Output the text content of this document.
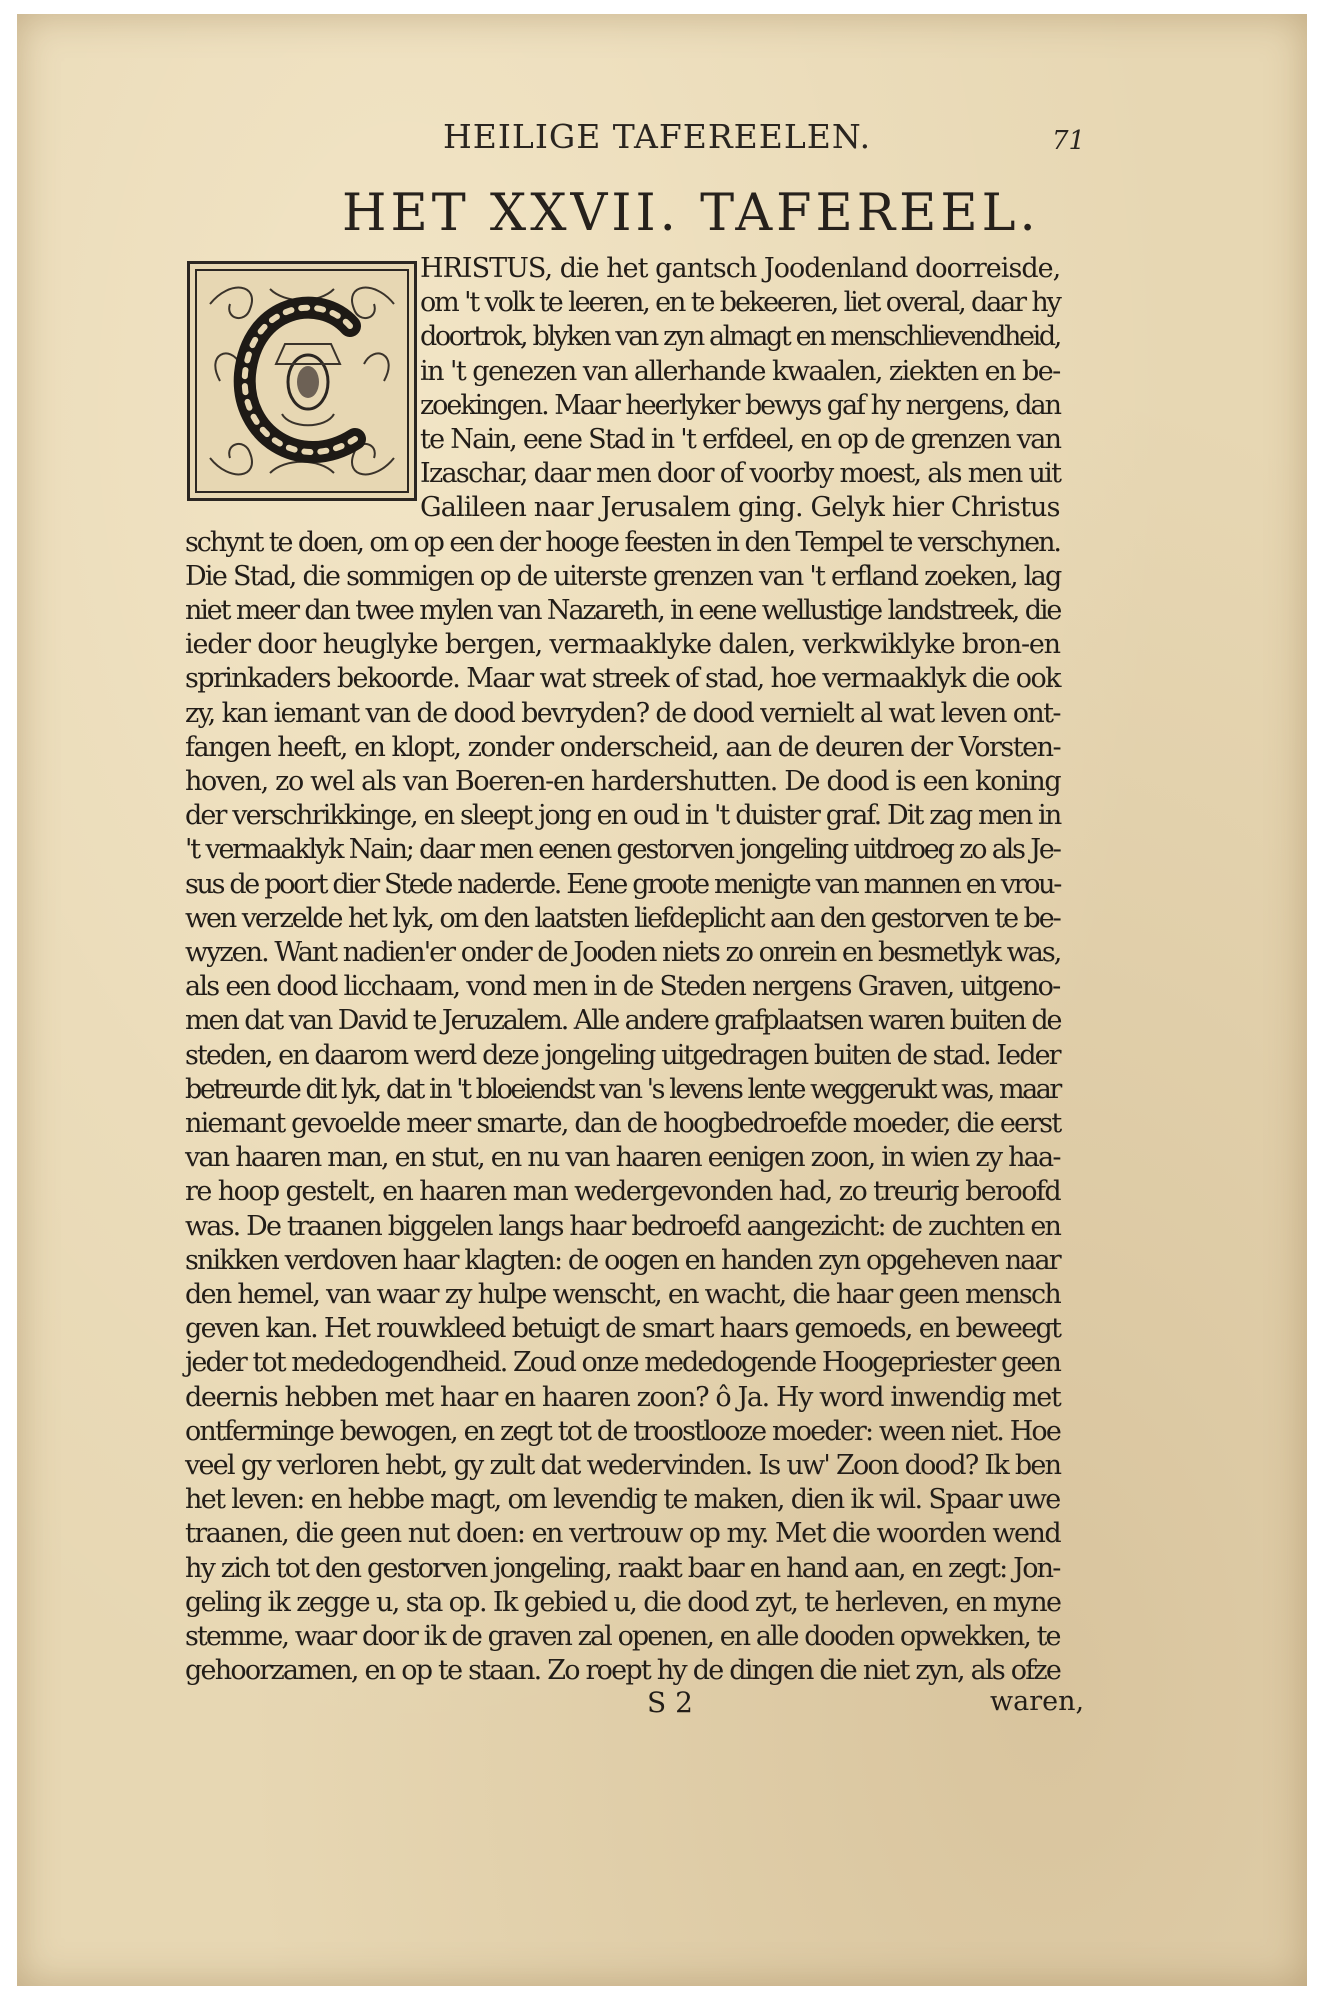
HEILIGE TAFEREELEN.	71
HET XXVII. TAFEREEL.
HRISTUS, die het gantsch Joodenland doorreisde,
om 't volk te leeren, en te bekeeren, liet overal, daar hy
doortrok, blyken van zyn almagt en menschlievendheid,
in 't genezen van allerhande kwaalen, ziekten en be-
zoekingen. Maar heerlyker bewys gaf hy nergens, dan
te Nain, eene Stad in 't erfdeel, en op de grenzen van
Izaschar, daar men door of voorby moest, als men uit
Galileen naar Jerusalem ging. Gelyk hier Christus
schynt te doen, om op een der hooge feesten in den Tempel te verschynen.
Die Stad, die sommigen op de uiterste grenzen van 't erfland zoeken, lag
niet meer dan twee mylen van Nazareth, in eene wellustige landstreek, die
ieder door heuglyke bergen, vermaaklyke dalen, verkwiklyke bron-en
sprinkaders bekoorde. Maar wat streek of stad, hoe vermaaklyk die ook
zy, kan iemant van de dood bevryden? de dood vernielt al wat leven ont-
fangen heeft, en klopt, zonder onderscheid, aan de deuren der Vorsten-
hoven, zo wel als van Boeren-en hardershutten. De dood is een koning
der verschrikkinge, en sleept jong en oud in 't duister graf. Dit zag men in
't vermaaklyk Nain; daar men eenen gestorven jongeling uitdroeg zo als Je-
sus de poort dier Stede naderde. Eene groote menigte van mannen en vrou-
wen verzelde het lyk, om den laatsten liefdeplicht aan den gestorven te be-
wyzen. Want nadien'er onder de Jooden niets zo onrein en besmetlyk was,
als een dood licchaam, vond men in de Steden nergens Graven, uitgeno-
men dat van David te Jeruzalem. Alle andere grafplaatsen waren buiten de
steden, en daarom werd deze jongeling uitgedragen buiten de stad. Ieder
betreurde dit lyk, dat in 't bloeiendst van 's levens lente weggerukt was, maar
niemant gevoelde meer smarte, dan de hoogbedroefde moeder, die eerst
van haaren man, en stut, en nu van haaren eenigen zoon, in wien zy haa-
re hoop gestelt, en haaren man wedergevonden had, zo treurig beroofd
was. De traanen biggelen langs haar bedroefd aangezicht: de zuchten en
snikken verdoven haar klagten: de oogen en handen zyn opgeheven naar
den hemel, van waar zy hulpe wenscht, en wacht, die haar geen mensch
geven kan. Het rouwkleed betuigt de smart haars gemoeds, en beweegt
jeder tot mededogendheid. Zoud onze mededogende Hoogepriester geen
deernis hebben met haar en haaren zoon? ô Ja. Hy word inwendig met
ontferminge bewogen, en zegt tot de troostlooze moeder: ween niet. Hoe
veel gy verloren hebt, gy zult dat wedervinden. Is uw' Zoon dood? Ik ben
het leven: en hebbe magt, om levendig te maken, dien ik wil. Spaar uwe
traanen, die geen nut doen: en vertrouw op my. Met die woorden wend
hy zich tot den gestorven jongeling, raakt baar en hand aan, en zegt: Jon-
geling ik zegge u, sta op. Ik gebied u, die dood zyt, te herleven, en myne
stemme, waar door ik de graven zal openen, en alle dooden opwekken, te
gehoorzamen, en op te staan. Zo roept hy de dingen die niet zyn, als ofze
S 2	waren,
